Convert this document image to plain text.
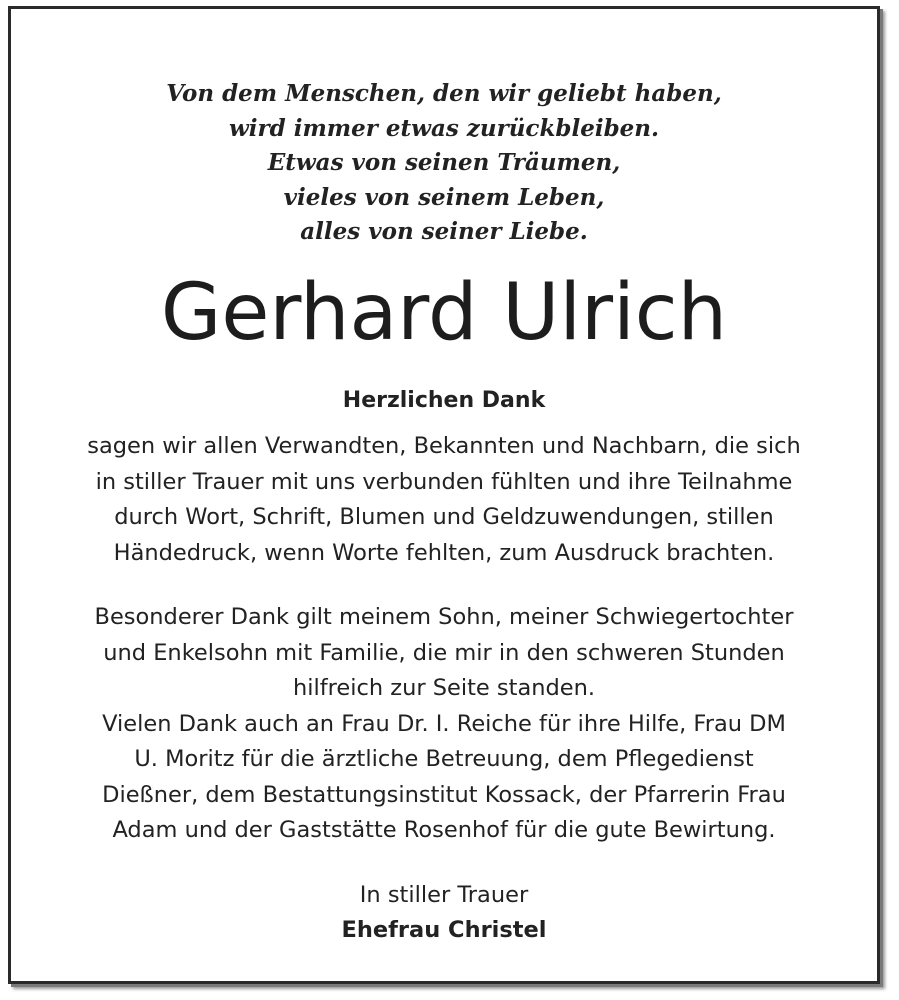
Von dem Menschen, den wir geliebt haben,
wird immer etwas zurückbleiben.
Etwas von seinen Träumen,
vieles von seinem Leben,
alles von seiner Liebe.
Gerhard Ulrich
Herzlichen Dank
sagen wir allen Verwandten, Bekannten und Nachbarn, die sich
in stiller Trauer mit uns verbunden fühlten und ihre Teilnahme
durch Wort, Schrift, Blumen und Geldzuwendungen, stillen
Händedruck, wenn Worte fehlten, zum Ausdruck brachten.
Besonderer Dank gilt meinem Sohn, meiner Schwiegertochter
und Enkelsohn mit Familie, die mir in den schweren Stunden
hilfreich zur Seite standen.
Vielen Dank auch an Frau Dr. I. Reiche für ihre Hilfe, Frau DM
U. Moritz für die ärztliche Betreuung, dem Pflegedienst
Dießner, dem Bestattungsinstitut Kossack, der Pfarrerin Frau
Adam und der Gaststätte Rosenhof für die gute Bewirtung.
In stiller Trauer
Ehefrau Christel
